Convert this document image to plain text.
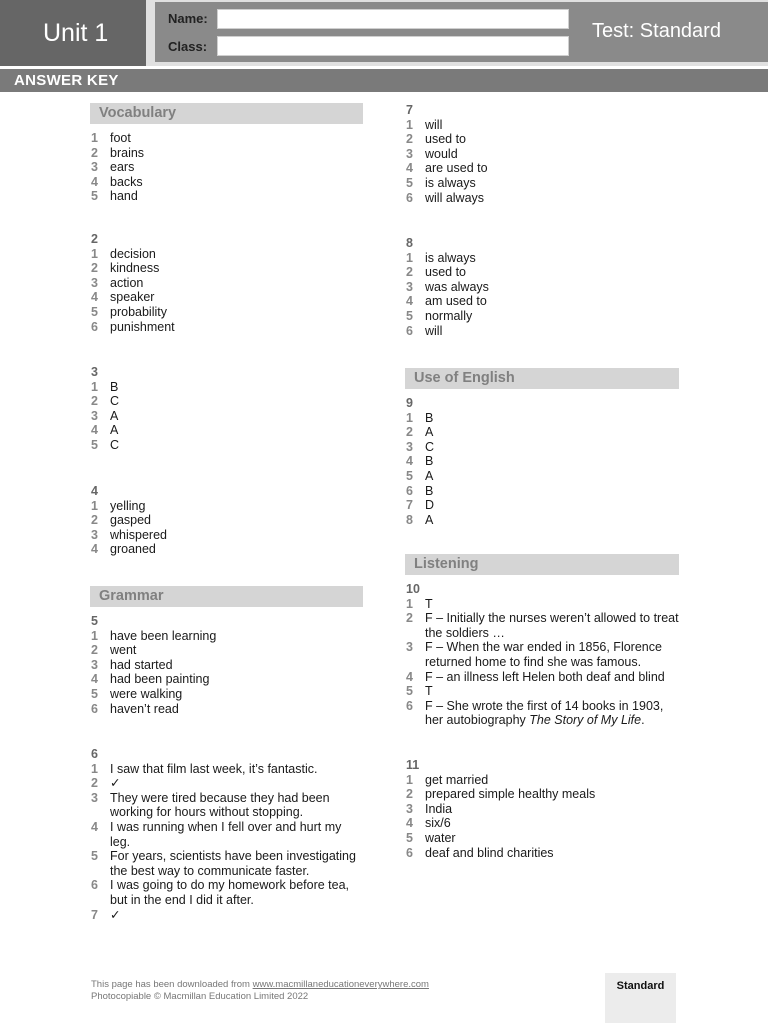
Unit 1	Name:
Class:
Test: Standard
ANSWER KEY
Vocabulary
Grammar
Use of English
Listening
1 foot
2 brains
3 ears
4 backs
5 hand
2
1 decision
2 kindness
3 action
4 speaker
5 probability
6 punishment
3
1 B
2 C
3 A
4 A
5 C
4
1 yelling
2 gasped
3 whispered
4 groaned
5
1 have been learning
2 went
3 had started
4 had been painting
5 were walking
6 haven’t read
6
1 I saw that film last week, it’s fantastic.
2 ✓
3 They were tired because they had been working for hours without stopping.
4 I was running when I fell over and hurt my leg.
5 For years, scientists have been investigating the best way to communicate faster.
6 I was going to do my homework before tea, but in the end I did it after.
7 ✓
7
1 will
2 used to
3 would
4 are used to
5 is always
6 will always
8
1 is always
2 used to
3 was always
4 am used to
5 normally
6 will
9
1 B
2 A
3 C
4 B
5 A
6 B
7 D
8 A
10
1 T
2 F – Initially the nurses weren’t allowed to treat the soldiers …
3 F – When the war ended in 1856, Florence returned home to find she was famous.
4 F – an illness left Helen both deaf and blind
5 T
6 F – She wrote the first of 14 books in 1903, her autobiography The Story of My Life.
11
1 get married
2 prepared simple healthy meals
3 India
4 six/6
5 water
6 deaf and blind charities
This page has been downloaded from www.macmillaneducationeverywhere.com
Photocopiable © Macmillan Education Limited 2022
Standard
